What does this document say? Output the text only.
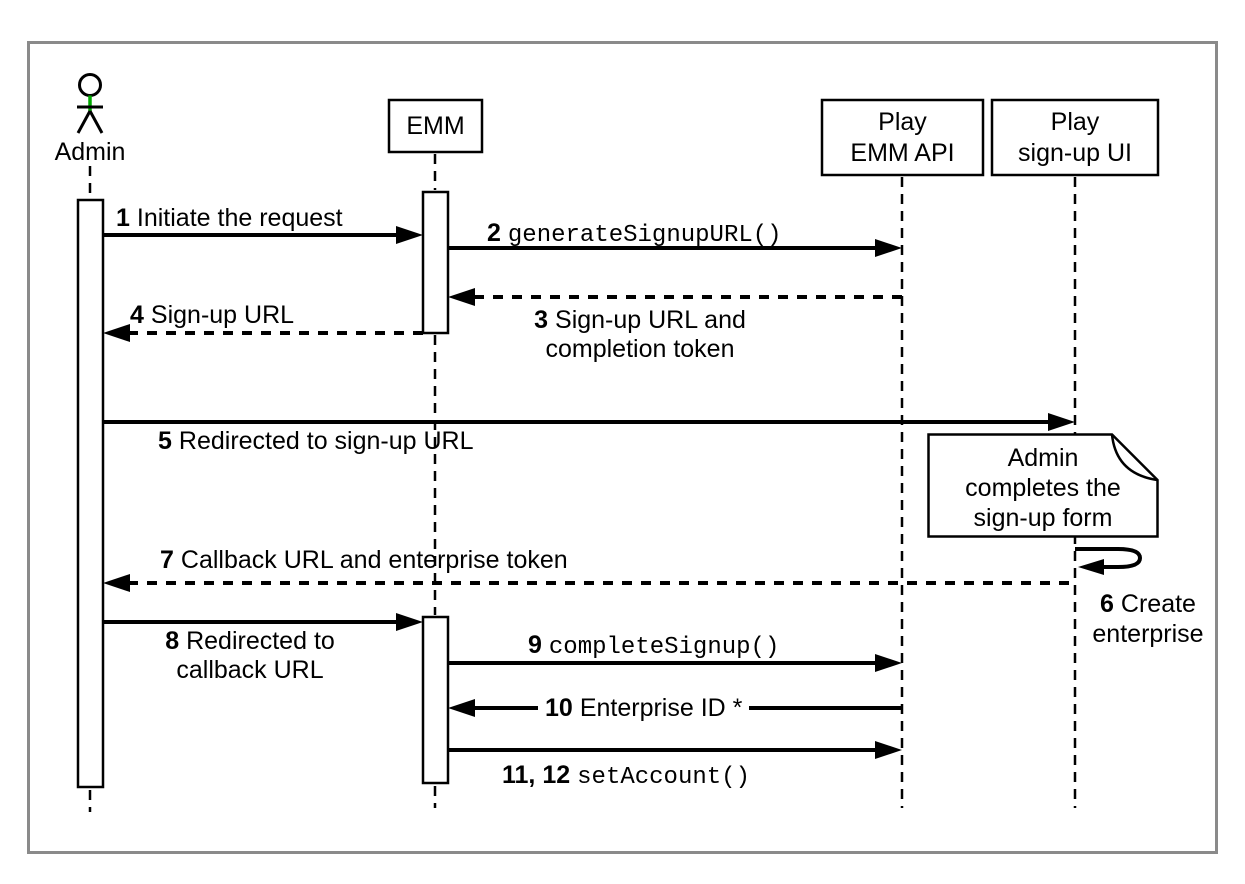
Admin
EMM	Play
EMM API
Play
sign-up UI
1 Initiate the request
2 generateSignupURL()
3 Sign-up URL and
completion token
4 Sign-up URL
5 Redirected to sign-up URL
6 Create
enterprise
7 Callback URL and enterprise token
8 Redirected to
callback URL
9 completeSignup()
10 Enterprise ID *
11, 12 setAccount()
Admin
completes the
sign-up form
